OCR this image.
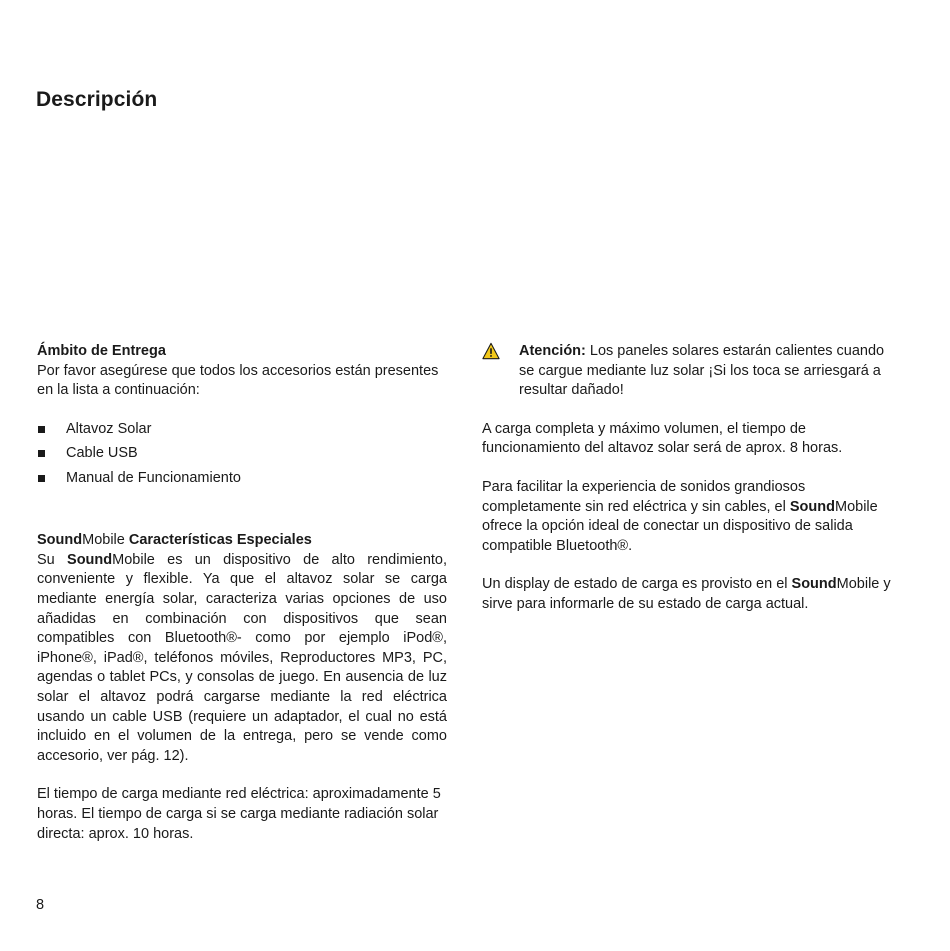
Descripción

Ámbito de Entrega

Por favor asegúrese que todos los accesorios están presentes en la lista a continuación:

Altavoz Solar
Cable USB
Manual de Funcionamiento

SoundMobile Características Especiales

Su SoundMobile es un dispositivo de alto rendimiento, conveniente y flexible. Ya que el altavoz solar se carga mediante energía solar, caracteriza varias opciones de uso añadidas en combinación con dispositivos que sean compatibles con Bluetooth®- como por ejemplo iPod®, iPhone®, iPad®, teléfonos móviles, Reproductores MP3, PC, agendas o tablet PCs, y consolas de juego. En ausencia de luz solar el altavoz podrá cargarse mediante la red eléctrica usando un cable USB (requiere un adaptador, el cual no está incluido en el volumen de la entrega, pero se vende como accesorio, ver pág. 12).

El tiempo de carga mediante red eléctrica: aproximadamente 5 horas. El tiempo de carga si se carga mediante radiación solar directa: aprox. 10 horas.

Atención: Los paneles solares estarán calientes cuando se cargue mediante luz solar ¡Si los toca se arriesgará a resultar dañado!

A carga completa y máximo volumen, el tiempo de funcionamiento del altavoz solar será de aprox. 8 horas.

Para facilitar la experiencia de sonidos grandiosos completamente sin red eléctrica y sin cables, el SoundMobile ofrece la opción ideal de conectar un dispositivo de salida compatible Bluetooth®.

Un display de estado de carga es provisto en el SoundMobile y sirve para informarle de su estado de carga actual.

8
